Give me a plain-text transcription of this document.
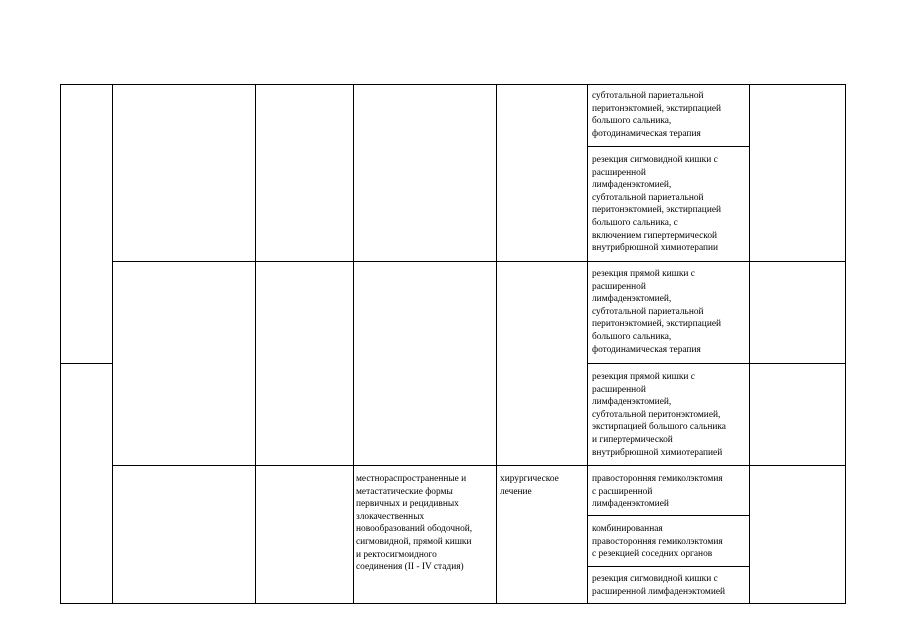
субтотальной париетальной
перитонэктомией, экстирпацией
большого сальника,
фотодинамическая терапия
резекция сигмовидной кишки с
расширенной
лимфаденэктомией,
субтотальной париетальной
перитонэктомией, экстирпацией
большого сальника, с
включением гипертермической
внутрибрюшной химиотерапии
резекция прямой кишки с
расширенной
лимфаденэктомией,
субтотальной париетальной
перитонэктомией, экстирпацией
большого сальника,
фотодинамическая терапия
резекция прямой кишки с
расширенной
лимфаденэктомией,
субтотальной перитонэктомией,
экстирпацией большого сальника
и гипертермической
внутрибрюшной химиотерапией
местнораспространенные и
метастатические формы
первичных и рецидивных
злокачественных
новообразований ободочной,
сигмовидной, прямой кишки
и ректосигмоидного
соединения (II - IV стадия)
хирургическое
лечение
правосторонняя гемиколэктомия
с расширенной
лимфаденэктомией
комбинированная
правосторонняя гемиколэктомия
с резекцией соседних органов
резекция сигмовидной кишки с
расширенной лимфаденэктомией
